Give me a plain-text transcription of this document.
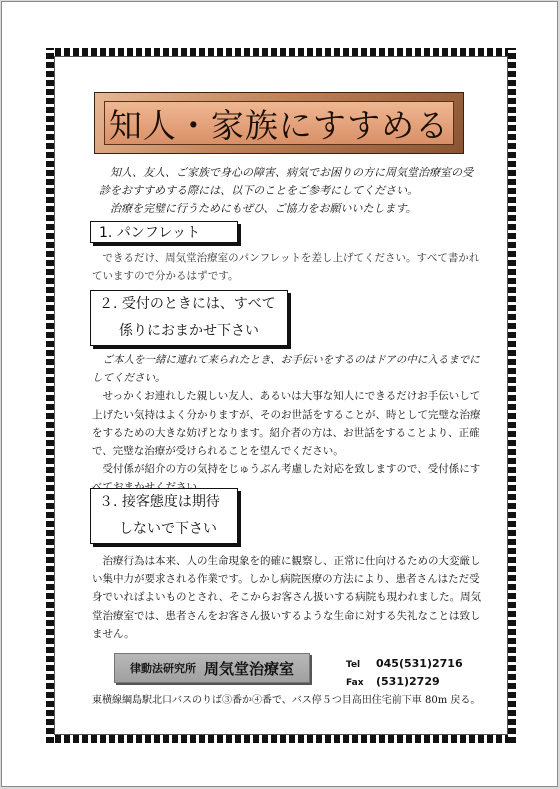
知人・家族にすすめる

知人、友人、ご家族で身心の障害、病気でお困りの方に周気堂治療室の受

診をおすすめする際には、以下のことをご参考にしてください。

治療を完璧に行うためにもぜひ、ご協力をお願いいたします。

1. パンフレット
できるだけ、周気堂治療室のパンフレットを差し上げてください。すべて書かれていますので分かるはずです。
２. 受付のときには、すべて
係りにおまかせ下さい
ご本人を一緒に連れて来られたとき、お手伝いをするのはドアの中に入るまでにしてください。
せっかくお連れした親しい友人、あるいは大事な知人にできるだけお手伝いして上げたい気持はよく分かりますが、そのお世話をすることが、時として完璧な治療をするための大きな妨げとなります。紹介者の方は、お世話をすることより、正確で、完璧な治療が受けられることを望んでください。
受付係が紹介の方の気持をじゅうぶん考慮した対応を致しますので、受付係にす
３. 接客態度は期待
しないで下さい
治療行為は本来、人の生命現象を的確に観察し、正常に仕向けるための大変厳しい集中力が要求される作業です。しかし病院医療の方法により、患者さんはただ受身でいればよいものとされ、そこからお客さん扱いする病院も現われました。周気堂治療室では、患者さんをお客さん扱いするような生命に対する失礼なことは致しません。
律動法研究所 周気堂治療室	Tel 045(531)2716
Fax (531)2729
東横線綱島駅北口バスのりば③番か④番で、バス停５つ目高田住宅前下車 80m 戻る。
